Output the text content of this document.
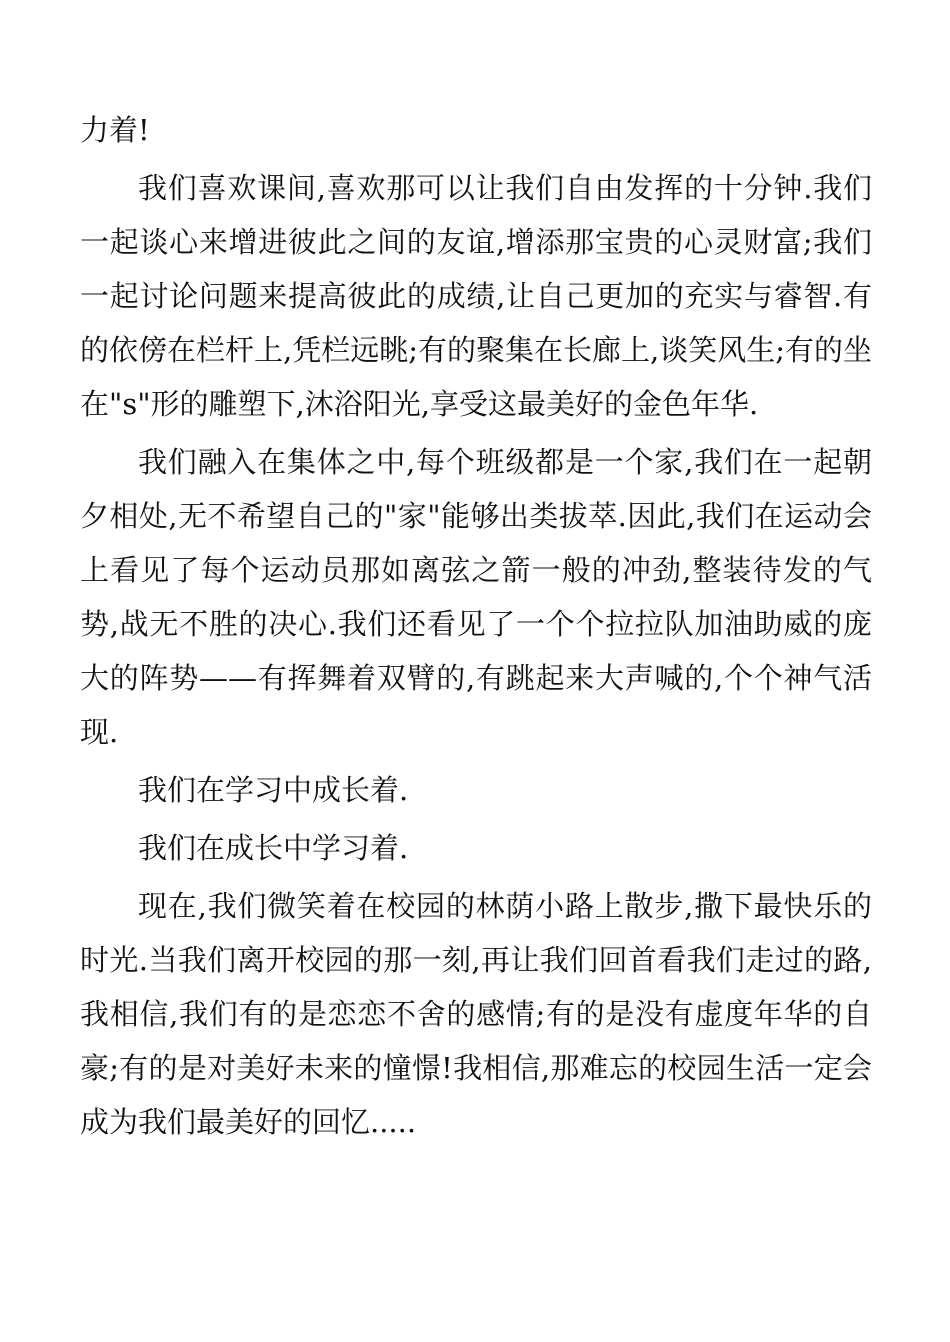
力着!

我们喜欢课间,喜欢那可以让我们自由发挥的十分钟.我们一起谈心来增进彼此之间的友谊,增添那宝贵的心灵财富;我们一起讨论问题来提高彼此的成绩,让自己更加的充实与睿智.有的依傍在栏杆上,凭栏远眺;有的聚集在长廊上,谈笑风生;有的坐在"s"形的雕塑下,沐浴阳光,享受这最美好的金色年华.

我们融入在集体之中,每个班级都是一个家,我们在一起朝夕相处,无不希望自己的"家"能够出类拔萃.因此,我们在运动会上看见了每个运动员那如离弦之箭一般的冲劲,整装待发的气势,战无不胜的决心.我们还看见了一个个拉拉队加油助威的庞大的阵势——有挥舞着双臂的,有跳起来大声喊的,个个神气活现.

我们在学习中成长着.

我们在成长中学习着.

现在,我们微笑着在校园的林荫小路上散步,撒下最快乐的时光.当我们离开校园的那一刻,再让我们回首看我们走过的路,我相信,我们有的是恋恋不舍的感情;有的是没有虚度年华的自豪;有的是对美好未来的憧憬!我相信,那难忘的校园生活一定会成为我们最美好的回忆.....
